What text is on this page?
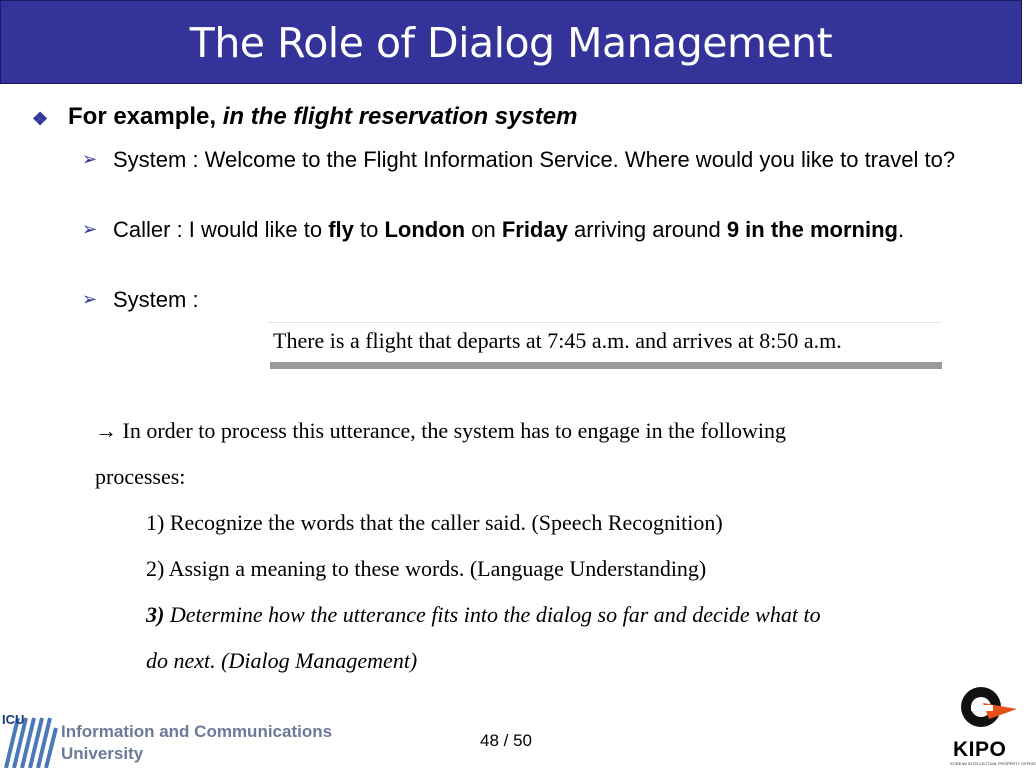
The Role of Dialog Management
❖ For example, in the flight reservation system
➢ System : Welcome to the Flight Information Service. Where would you like to travel to?
➢ Caller : I would like to fly to London on Friday arriving around 9 in the morning.
➢ System :
There is a flight that departs at 7:45 a.m. and arrives at 8:50 a.m.
→ In order to process this utterance, the system has to engage in the following
processes:
1) Recognize the words that the caller said. (Speech Recognition)
2) Assign a meaning to these words. (Language Understanding)
3) Determine how the utterance fits into the dialog so far and decide what to
do next. (Dialog Management)
ICU
Information and Communications
University
48 / 50	KIPO
KOREAN INTELLECTUAL PROPERTY OFFICE
